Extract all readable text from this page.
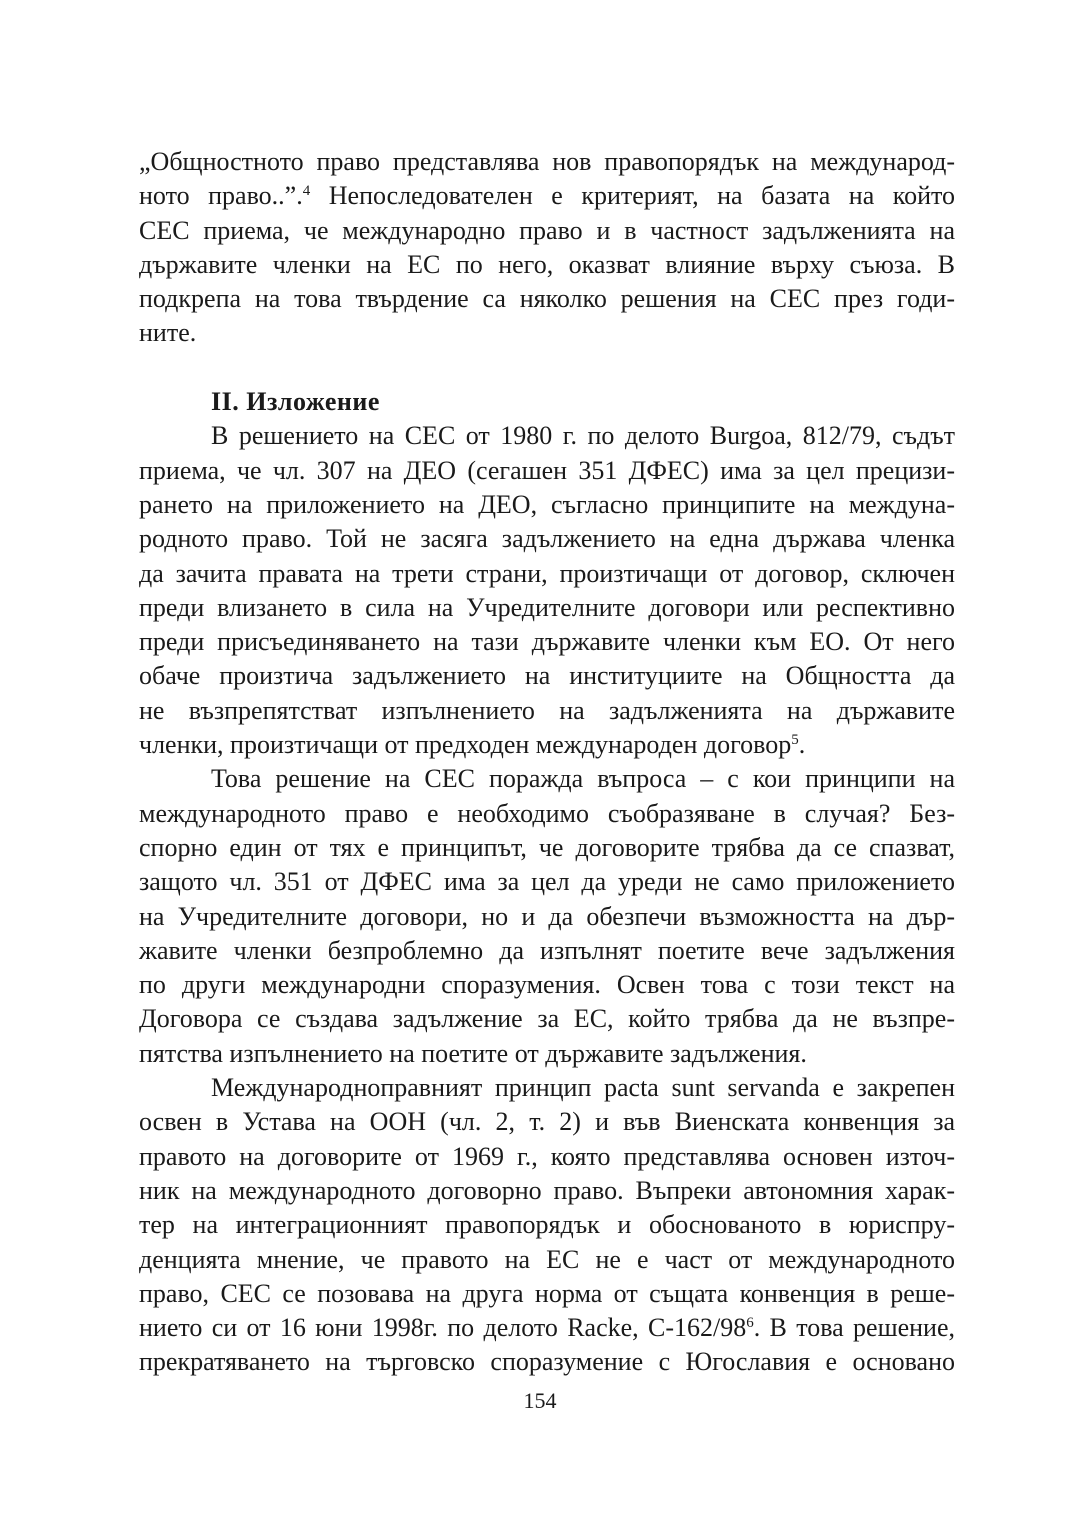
„Общностното право представлява нов правопорядък на международ-
ното право..”.$^4$ Непоследователен е критерият, на базата на който
СЕС приема, че международно право и в частност задълженията на
държавите членки на ЕС по него, оказват влияние върху съюза. В
подкрепа на това твърдение са няколко решения на СЕС през годи-
ните.
II. Изложение
В решението на СЕС от 1980 г. по делото Burgoa, 812/79, съдът
приема, че чл. 307 на ДЕО (сегашен 351 ДФЕС) има за цел прецизи-
рането на приложението на ДЕО, съгласно принципите на междуна-
родното право. Той не засяга задължението на една държава членка
да зачита правата на трети страни, произтичащи от договор, сключен
преди влизането в сила на Учредителните договори или респективно
преди присъединяването на тази държавите членки към ЕО. От него
обаче произтича задължението на институциите на Общността да
не възпрепятстват изпълнението на задълженията на държавите
членки, произтичащи от предходен международен договор$^5$.
Това решение на СЕС поражда въпроса – с кои принципи на
международното право е необходимо съобразяване в случая? Без-
спорно един от тях е принципът, че договорите трябва да се спазват,
защото чл. 351 от ДФЕС има за цел да уреди не само приложението
на Учредителните договори, но и да обезпечи възможността на дър-
жавите членки безпроблемно да изпълнят поетите вече задължения
по други международни споразумения. Освен това с този текст на
Договора се създава задължение за ЕС, който трябва да не възпре-
пятства изпълнението на поетите от държавите задължения.
Международноправният принцип pacta sunt servanda е закрепен
освен в Устава на ООН (чл. 2, т. 2) и във Виенската конвенция за
правото на договорите от 1969 г., която представлява основен източ-
ник на международното договорно право. Въпреки автономния харак-
тер на интеграционният правопорядък и обоснованото в юриспру-
денцията мнение, че правото на ЕС не е част от международното
право, СЕС се позовава на друга норма от същата конвенция в реше-
нието си от 16 юни 1998г. по делото Racke, $C-162/98^6$. В това решение,
прекратяването на търговско споразумение с Югославия е основано
154
